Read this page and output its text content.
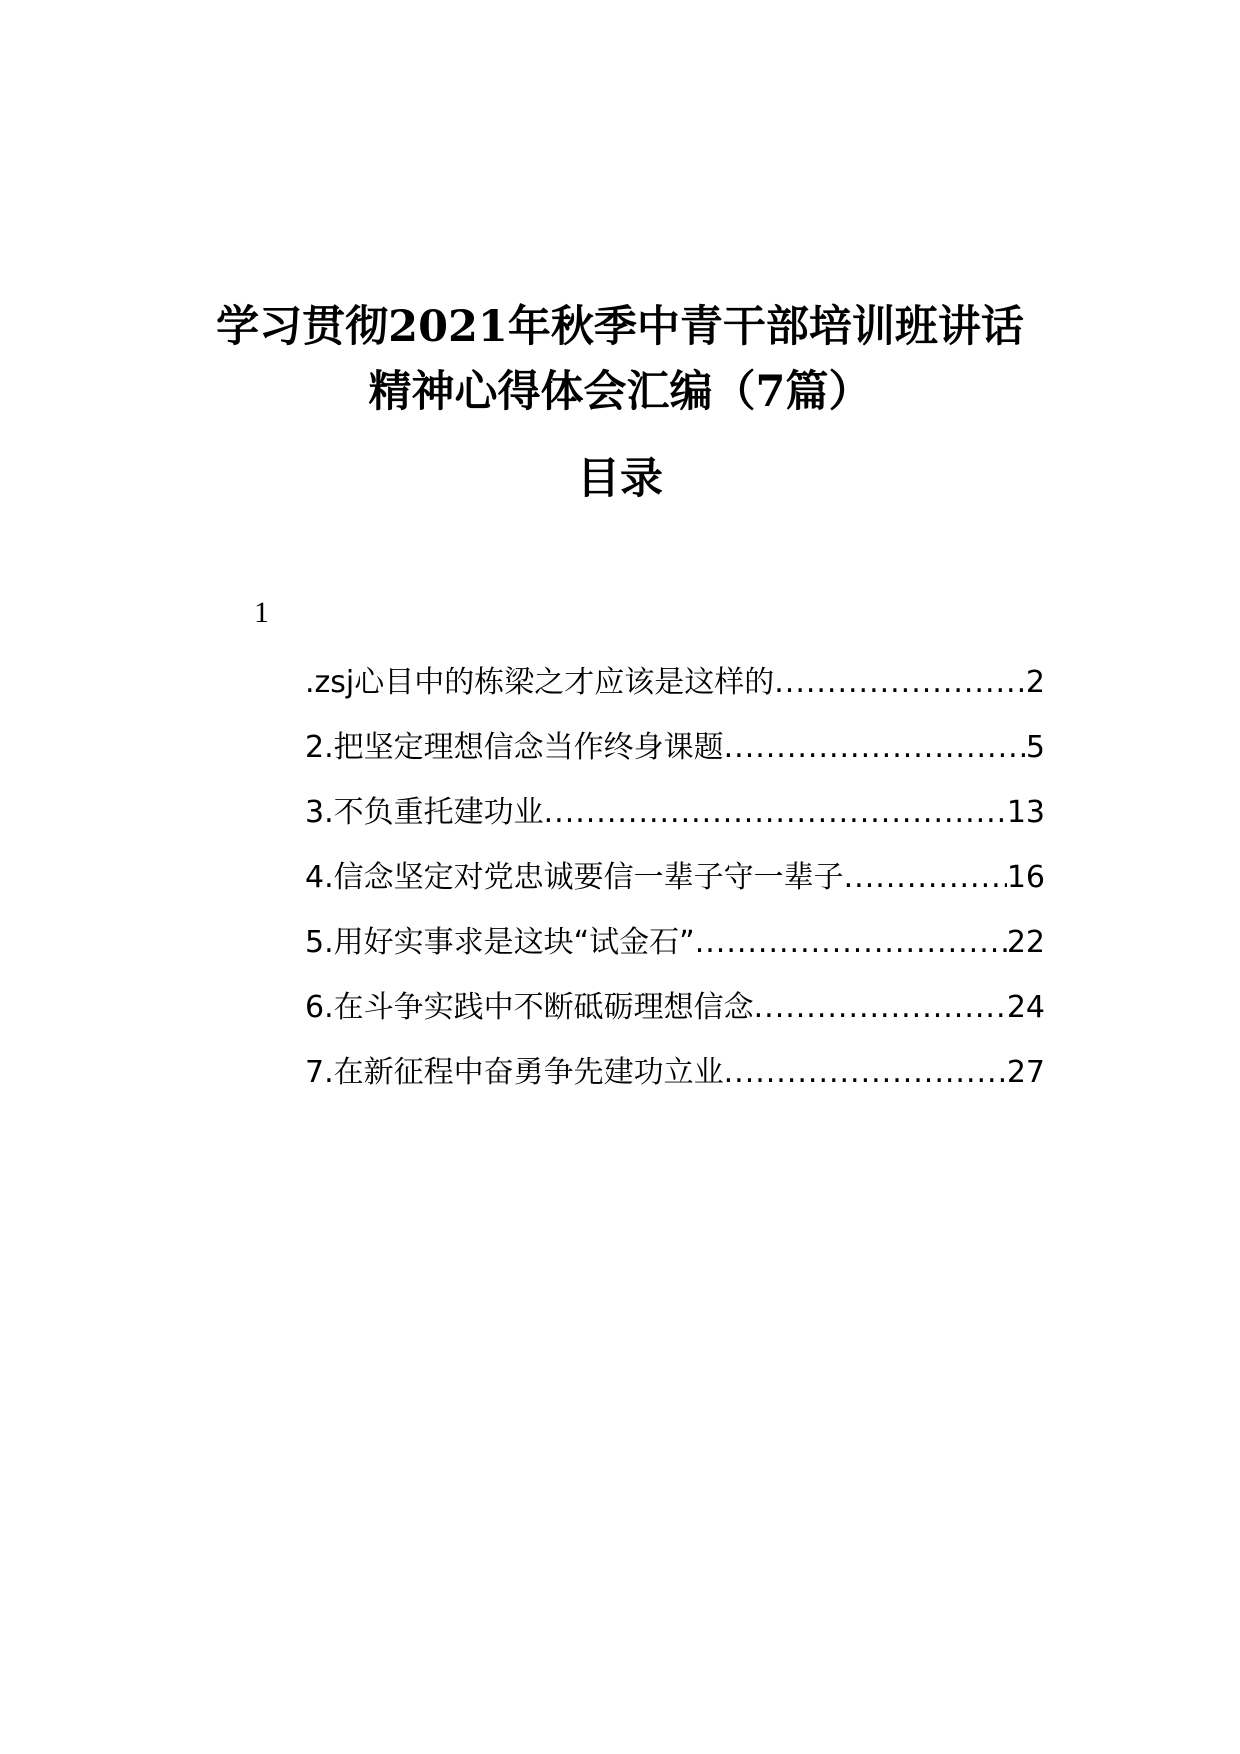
学习贯彻2021年秋季中青干部培训班讲话
精神心得体会汇编（7篇）
目录
1
.zsj心目中的栋梁之才应该是这样的 .....	2
2.把坚定理想信念当作终身课题 .....	5
3.不负重托建功业 .....	13
4.信念坚定对党忠诚要信一辈子守一辈子 .....	16
5.用好实事求是这块“试金石” .....	22
6.在斗争实践中不断砥砺理想信念 .....	24
7.在新征程中奋勇争先建功立业 .....	27
